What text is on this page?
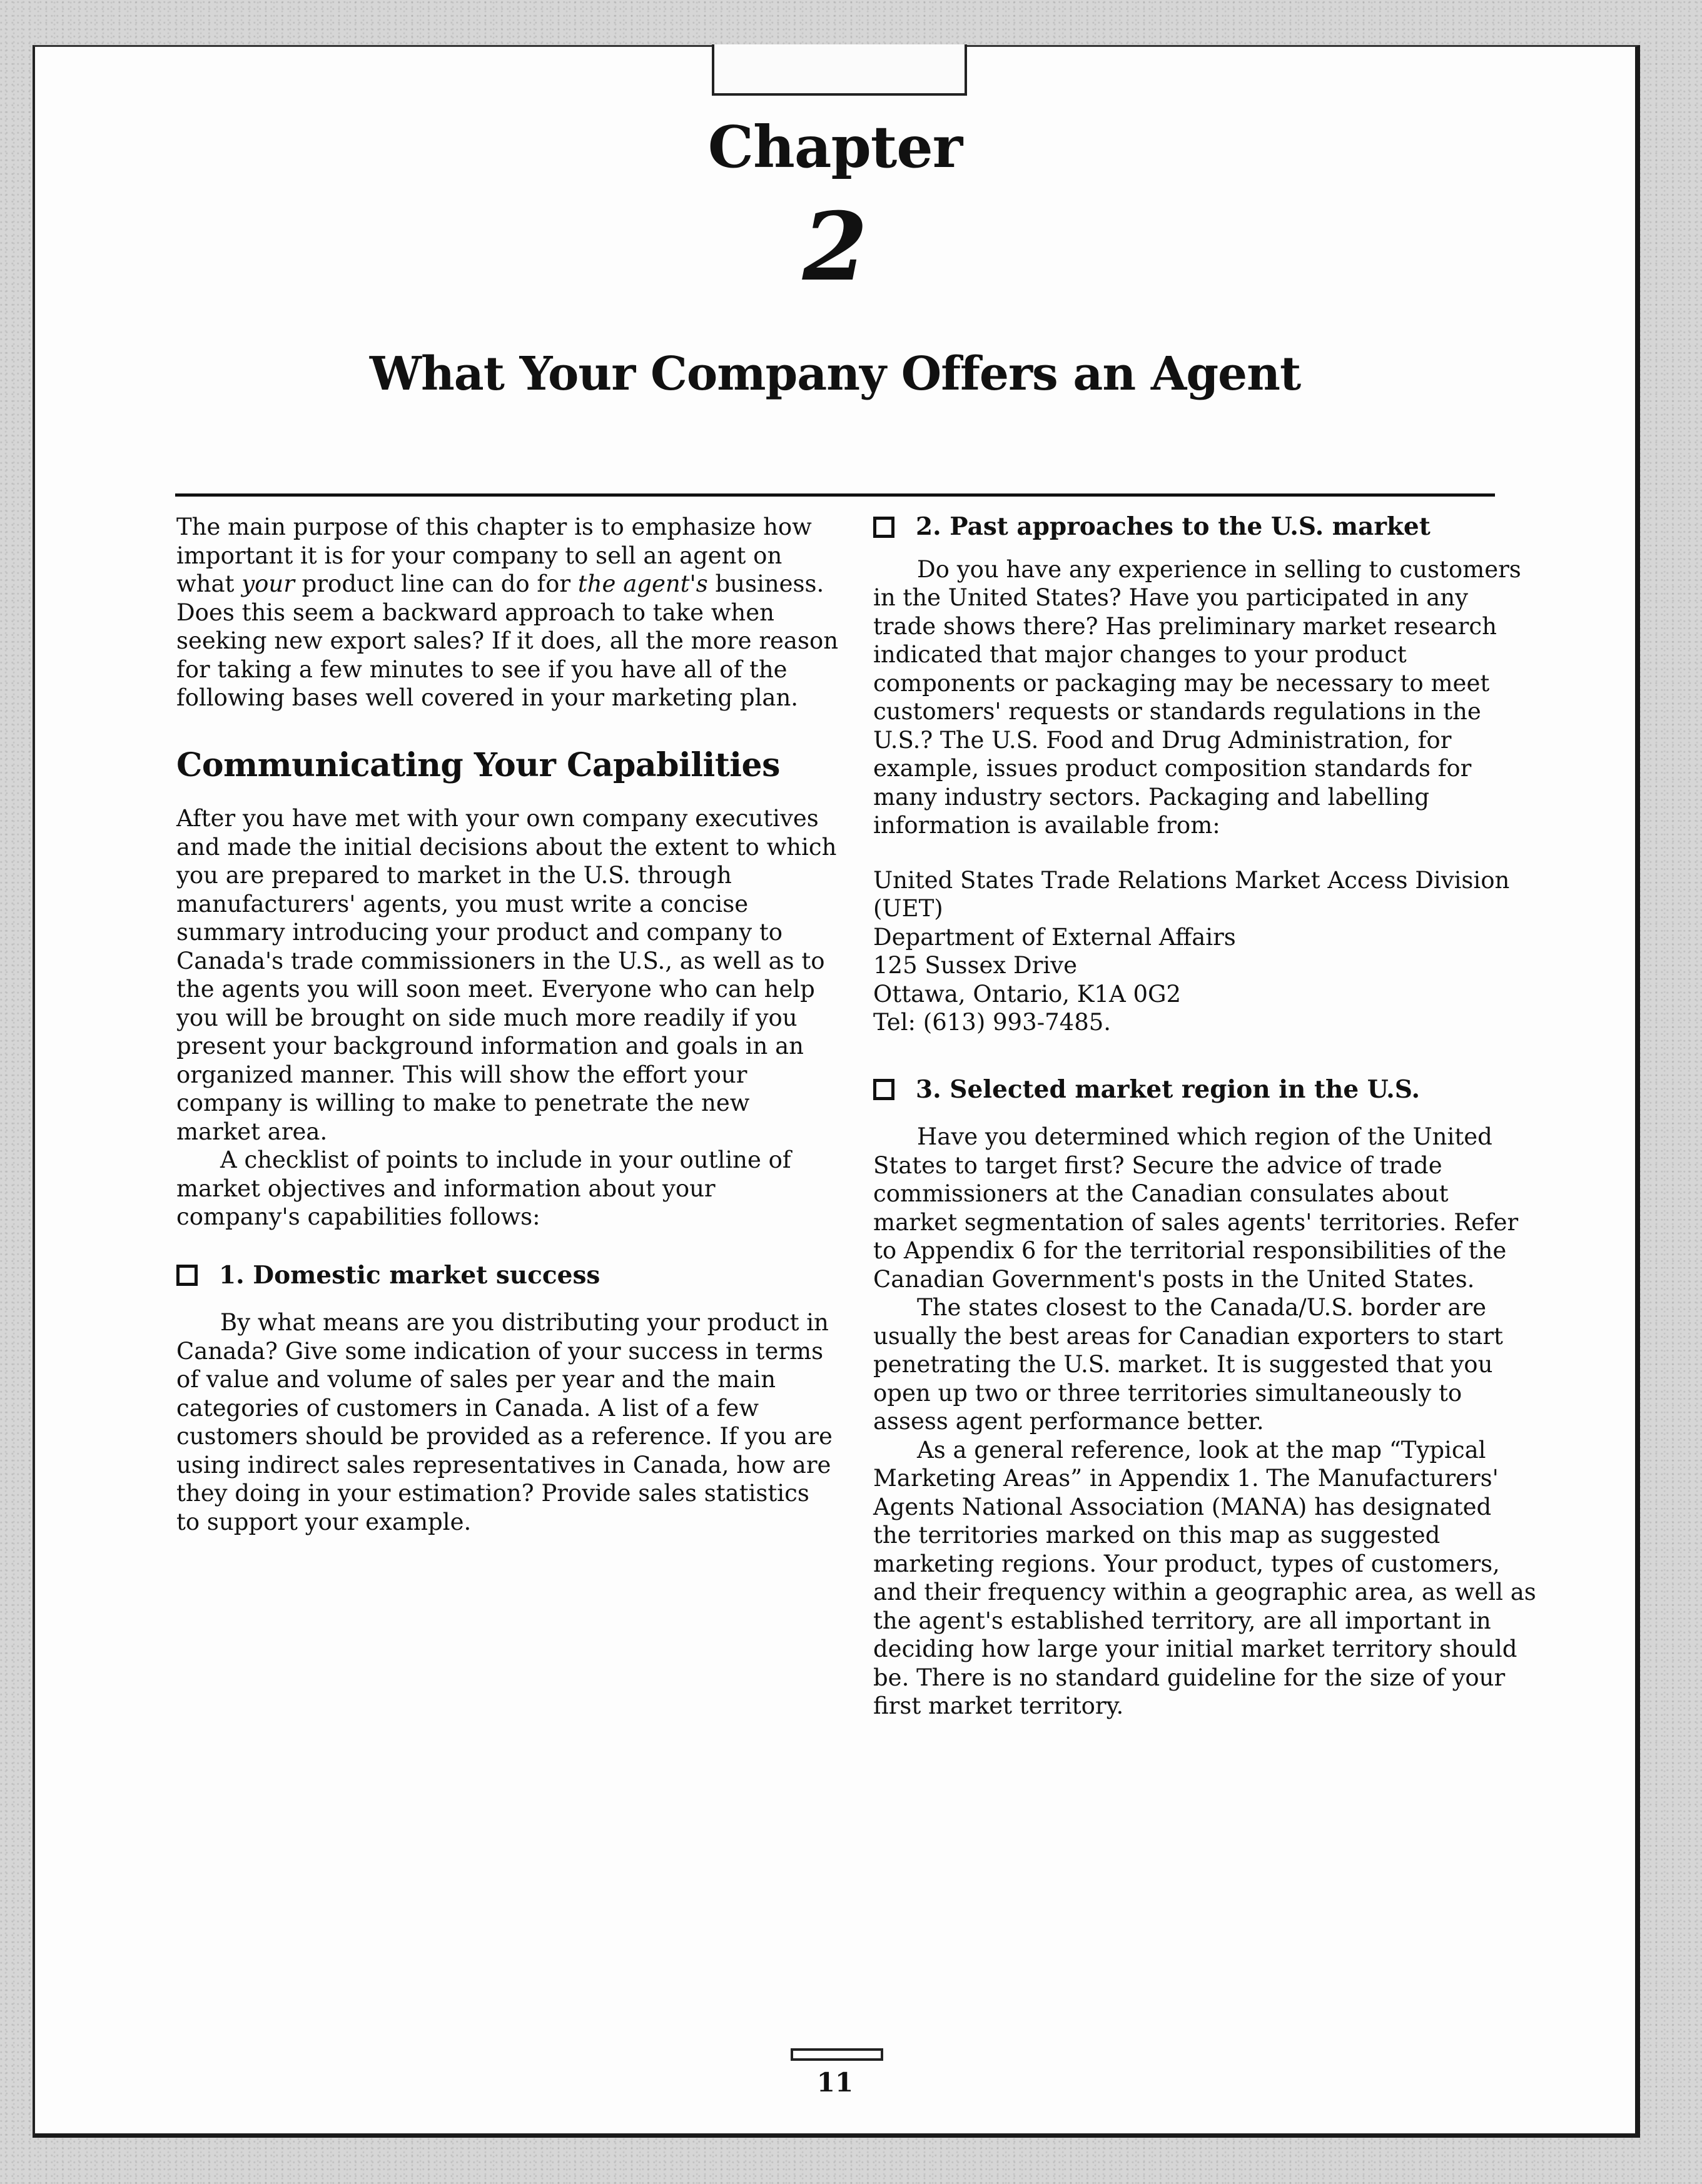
Chapter
2
What Your Company Offers an Agent

The main purpose of this chapter is to emphasize how important it is for your company to sell an agent on what your product line can do for the agent's business. Does this seem a backward approach to take when seeking new export sales? If it does, all the more reason for taking a few minutes to see if you have all of the following bases well covered in your marketing plan.

Communicating Your Capabilities

After you have met with your own company executives and made the initial decisions about the extent to which you are prepared to market in the U.S. through manufacturers' agents, you must write a concise summary introducing your product and company to Canada's trade commissioners in the U.S., as well as to the agents you will soon meet. Everyone who can help you will be brought on side much more readily if you present your background information and goals in an organized manner. This will show the effort your company is willing to make to penetrate the new market area.

A checklist of points to include in your outline of market objectives and information about your company's capabilities follows:

1. Domestic market success

By what means are you distributing your product in Canada? Give some indication of your success in terms of value and volume of sales per year and the main categories of customers in Canada. A list of a few customers should be provided as a reference. If you are using indirect sales representatives in Canada, how are they doing in your estimation? Provide sales statistics to support your example.

2. Past approaches to the U.S. market

Do you have any experience in selling to customers in the United States? Have you participated in any trade shows there? Has preliminary market research indicated that major changes to your product components or packaging may be necessary to meet customers' requests or standards regulations in the U.S.? The U.S. Food and Drug Administration, for example, issues product composition standards for many industry sectors. Packaging and labelling information is available from:

United States Trade Relations Market Access Division (UET)

Department of External Affairs

125 Sussex Drive

Ottawa, Ontario, K1A 0G2

Tel: (613) 993-7485.

3. Selected market region in the U.S.

Have you determined which region of the United States to target first? Secure the advice of trade commissioners at the Canadian consulates about market segmentation of sales agents' territories. Refer to Appendix 6 for the territorial responsibilities of the Canadian Government's posts in the United States.

The states closest to the Canada/U.S. border are usually the best areas for Canadian exporters to start penetrating the U.S. market. It is suggested that you open up two or three territories simultaneously to assess agent performance better.

As a general reference, look at the map “Typical Marketing Areas” in Appendix 1. The Manufacturers' Agents National Association (MANA) has designated the territories marked on this map as suggested marketing regions. Your product, types of customers, and their frequency within a geographic area, as well as the agent's established territory, are all important in deciding how large your initial market territory should be. There is no standard guideline for the size of your first market territory.

11
